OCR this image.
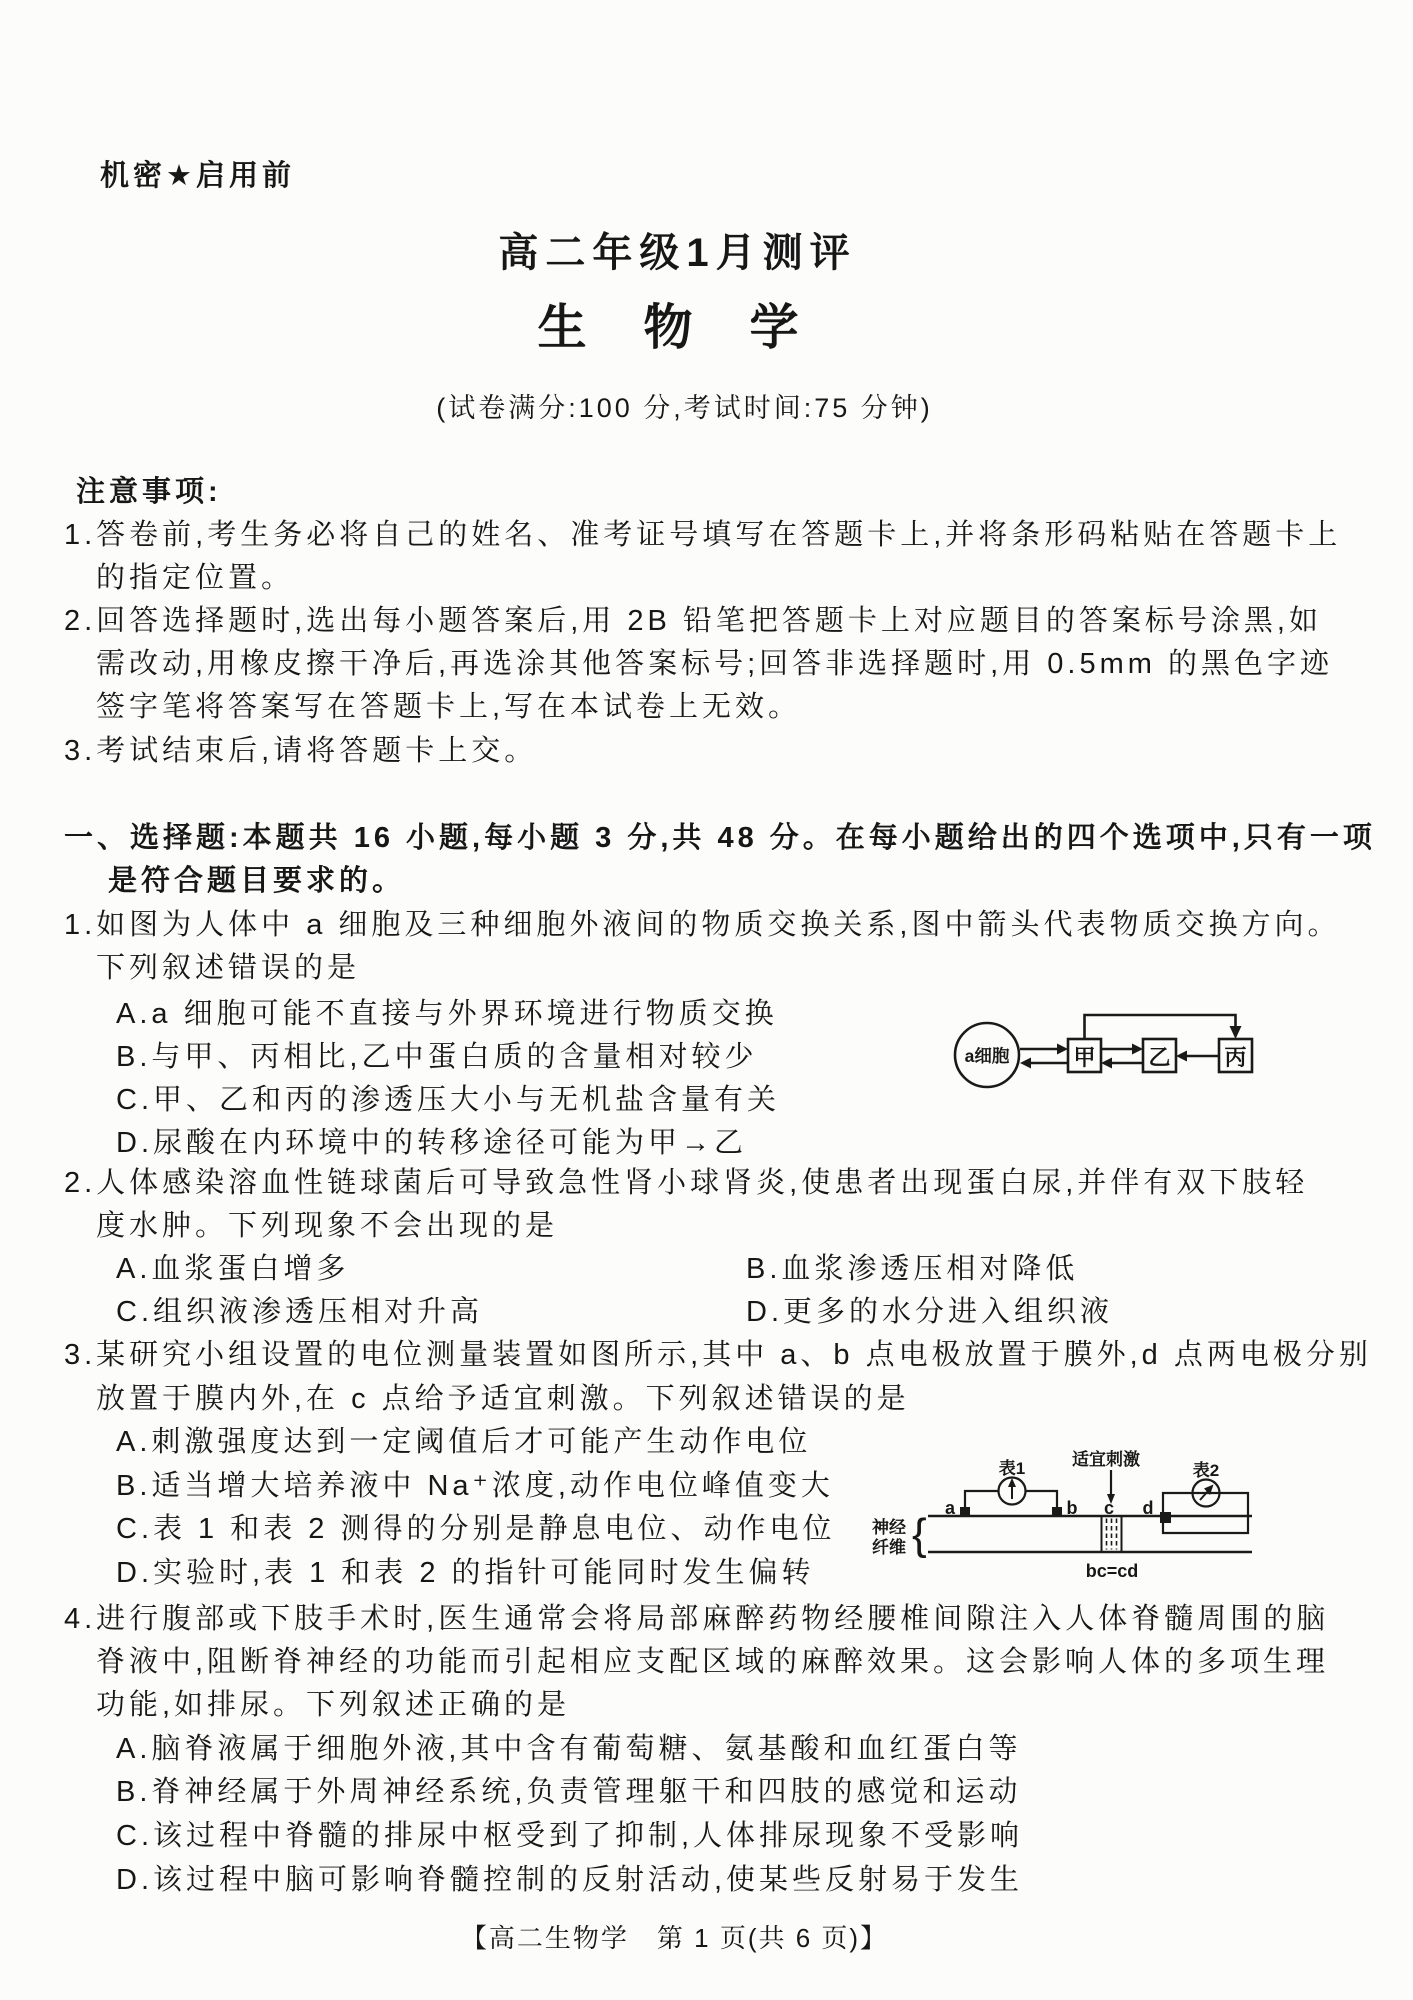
机密★启用前
高二年级1月测评
生物学
(试卷满分:100 分,考试时间:75 分钟)
注意事项:
1.答卷前,考生务必将自己的姓名、准考证号填写在答题卡上,并将条形码粘贴在答题卡上
的指定位置。
2.回答选择题时,选出每小题答案后,用 2B 铅笔把答题卡上对应题目的答案标号涂黑,如
需改动,用橡皮擦干净后,再选涂其他答案标号;回答非选择题时,用 0.5mm 的黑色字迹
签字笔将答案写在答题卡上,写在本试卷上无效。
3.考试结束后,请将答题卡上交。
一、选择题:本题共 16 小题,每小题 3 分,共 48 分。在每小题给出的四个选项中,只有一项
是符合题目要求的。
1.如图为人体中 a 细胞及三种细胞外液间的物质交换关系,图中箭头代表物质交换方向。
下列叙述错误的是
A.a 细胞可能不直接与外界环境进行物质交换
B.与甲、丙相比,乙中蛋白质的含量相对较少
C.甲、乙和丙的渗透压大小与无机盐含量有关
D.尿酸在内环境中的转移途径可能为甲→乙
a细胞	甲 乙 丙
2.人体感染溶血性链球菌后可导致急性肾小球肾炎,使患者出现蛋白尿,并伴有双下肢轻
度水肿。下列现象不会出现的是
A.血浆蛋白增多	B.血浆渗透压相对降低
C.组织液渗透压相对升高	D.更多的水分进入组织液
3.某研究小组设置的电位测量装置如图所示,其中 a、b 点电极放置于膜外,d 点两电极分别
放置于膜内外,在 c 点给予适宜刺激。下列叙述错误的是
A.刺激强度达到一定阈值后才可能产生动作电位
B.适当增大培养液中 Na⁺浓度,动作电位峰值变大
C.表 1 和表 2 测得的分别是静息电位、动作电位
D.实验时,表 1 和表 2 的指针可能同时发生偏转
神经
纤维 {
表1
a	b
适宜刺激
c d
表2
bc=cd
4.进行腹部或下肢手术时,医生通常会将局部麻醉药物经腰椎间隙注入人体脊髓周围的脑
脊液中,阻断脊神经的功能而引起相应支配区域的麻醉效果。这会影响人体的多项生理
功能,如排尿。下列叙述正确的是
A.脑脊液属于细胞外液,其中含有葡萄糖、氨基酸和血红蛋白等
B.脊神经属于外周神经系统,负责管理躯干和四肢的感觉和运动
C.该过程中脊髓的排尿中枢受到了抑制,人体排尿现象不受影响
D.该过程中脑可影响脊髓控制的反射活动,使某些反射易于发生
【高二生物学　第 1 页(共 6 页)】
